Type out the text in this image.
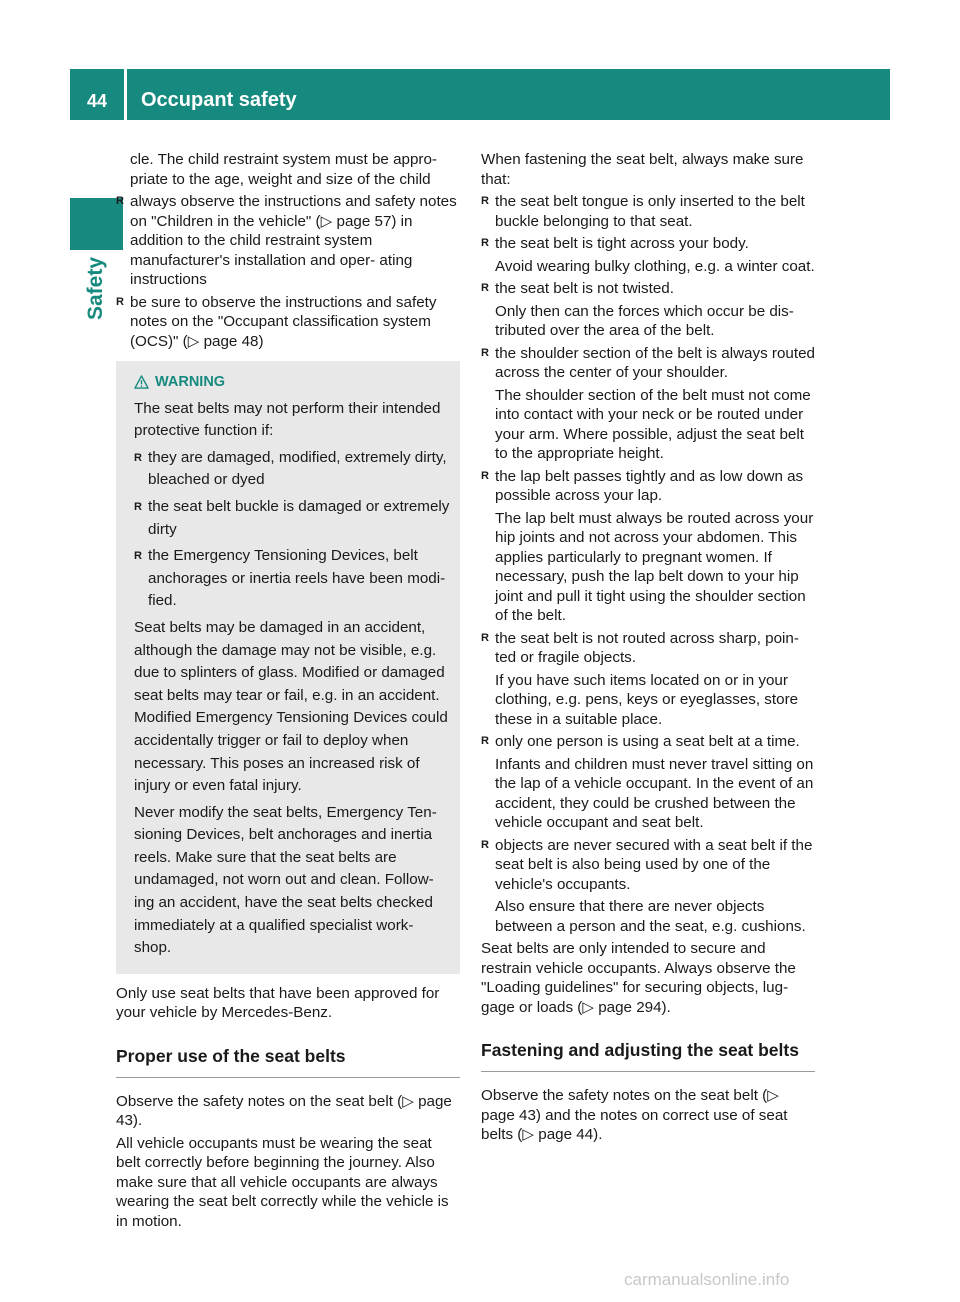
44	Occupant safety
Safety

cle. The child restraint system must be appro- priate to the age, weight and size of the child

R
always observe the instructions and safety notes on "Children in the vehicle" (▷ page 57) in addition to the child restraint system manufacturer's installation and oper- ating instructions
R
be sure to observe the instructions and safety notes on the "Occupant classification system (OCS)" (▷ page 48)
WARNING

The seat belts may not perform their intended protective function if:

R
they are damaged, modified, extremely dirty, bleached or dyed
R
the seat belt buckle is damaged or extremely dirty
R
the Emergency Tensioning Devices, belt anchorages or inertia reels have been modi- fied.

Seat belts may be damaged in an accident, although the damage may not be visible, e.g. due to splinters of glass. Modified or damaged seat belts may tear or fail, e.g. in an accident. Modified Emergency Tensioning Devices could accidentally trigger or fail to deploy when necessary. This poses an increased risk of injury or even fatal injury.

Never modify the seat belts, Emergency Ten- sioning Devices, belt anchorages and inertia reels. Make sure that the seat belts are undamaged, not worn out and clean. Follow- ing an accident, have the seat belts checked immediately at a qualified specialist work- shop.

Only use seat belts that have been approved for your vehicle by Mercedes-Benz.

Proper use of the seat belts

Observe the safety notes on the seat belt (▷ page 43).

All vehicle occupants must be wearing the seat belt correctly before beginning the journey. Also make sure that all vehicle occupants are always wearing the seat belt correctly while the vehicle is in motion.

When fastening the seat belt, always make sure that:

R
the seat belt tongue is only inserted to the belt buckle belonging to that seat.
R
the seat belt is tight across your body.

Avoid wearing bulky clothing, e.g. a winter coat.

R
the seat belt is not twisted.

Only then can the forces which occur be dis- tributed over the area of the belt.

R
the shoulder section of the belt is always routed across the center of your shoulder.

The shoulder section of the belt must not come into contact with your neck or be routed under your arm. Where possible, adjust the seat belt to the appropriate height.

R
the lap belt passes tightly and as low down as possible across your lap.

The lap belt must always be routed across your hip joints and not across your abdomen. This applies particularly to pregnant women. If necessary, push the lap belt down to your hip joint and pull it tight using the shoulder section of the belt.

R
the seat belt is not routed across sharp, poin- ted or fragile objects.

If you have such items located on or in your clothing, e.g. pens, keys or eyeglasses, store these in a suitable place.

R
only one person is using a seat belt at a time.

Infants and children must never travel sitting on the lap of a vehicle occupant. In the event of an accident, they could be crushed between the vehicle occupant and seat belt.

R
objects are never secured with a seat belt if the seat belt is also being used by one of the vehicle's occupants.

Also ensure that there are never objects between a person and the seat, e.g. cushions.

Seat belts are only intended to secure and restrain vehicle occupants. Always observe the "Loading guidelines" for securing objects, lug- gage or loads (▷ page 294).

Fastening and adjusting the seat belts

Observe the safety notes on the seat belt (▷ page 43) and the notes on correct use of seat belts (▷ page 44).

carmanualsonline.info
